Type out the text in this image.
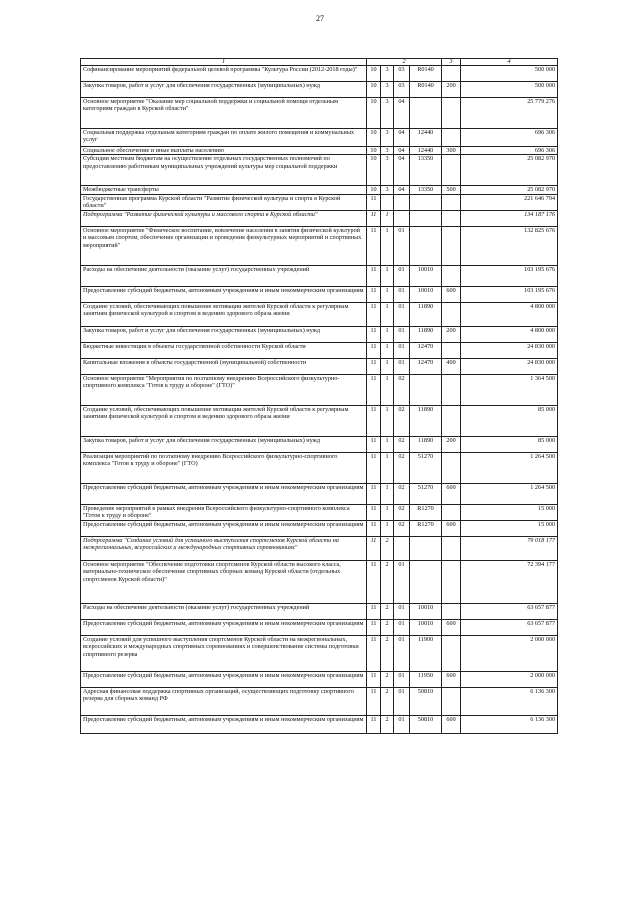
27
1	2				3	4
Софинансирование мероприятий федеральной целевой программы "Культура России (2012-2018 годы)"	10	3	03	R0140		500 000
Закупка товаров, работ и услуг для обеспечения государственных (муниципальных) нужд	10	3	03	R0140	200	500 000
Основное мероприятие "Оказание мер социальной поддержки и социальной помощи отдельным категориям граждан в Курской области"	10	3	04			25 779 276
Социальная поддержка отдельным категориям граждан по оплате жилого помещения и коммунальных услуг	10	3	04	12440		696 306
Социальное обеспечение и иные выплаты населению	10	3	04	12440	300	696 306
Субсидии местным бюджетам на осуществление отдельных государственных полномочий по предоставлению работникам муниципальных учреждений культуры мер социальной поддержки	10	3	04	13350		25 082 970
Межбюджетные трансферты	10	3	04	13350	500	25 082 970
Государственная программа Курской области "Развитие физической культуры и спорта в Курской области"	11					221 646 794
Подпрограмма "Развитие физической культуры и массового спорта в Курской области"	11	1				134 187 176
Основное мероприятие "Физическое воспитание, вовлечение населения в занятия физической культурой и массовым спортом, обеспечение организации и проведения физкультурных мероприятий и спортивных мероприятий"	11	1	01			132 825 676
Расходы на обеспечение деятельности (оказание услуг) государственных учреждений	11	1	01	10010		103 195 676
Предоставление субсидий бюджетным, автономным учреждениям и иным некоммерческим организациям	11	1	01	10010	600	103 195 676
Создание условий, обеспечивающих повышение мотивации жителей Курской области к регулярным занятиям физической культурой и спортом и ведению здорового образа жизни	11	1	01	11890		4 800 000
Закупка товаров, работ и услуг для обеспечения государственных (муниципальных) нужд	11	1	01	11890	200	4 800 000
Бюджетные инвестиции в объекты государственной собственности Курской области	11	1	01	12470		24 830 000
Капитальные вложения в объекты государственной (муниципальной) собственности	11	1	01	12470	400	24 830 000
Основное мероприятие "Мероприятия по поэтапному внедрению Всероссийского физкультурно-спортивного комплекса "Готов к труду и обороне" (ГТО)"	11	1	02			1 364 500
Создание условий, обеспечивающих повышение мотивации жителей Курской области к регулярным занятиям физической культурой и спортом и ведению здорового образа жизни	11	1	02	11890		85 000
Закупка товаров, работ и услуг для обеспечения государственных (муниципальных) нужд	11	1	02	11890	200	85 000
Реализация мероприятий по поэтапному внедрению Всероссийского физкультурно-спортивного комплекса "Готов к труду и обороне" (ГТО)	11	1	02	51270		1 264 500
Предоставление субсидий бюджетным, автономным учреждениям и иным некоммерческим организациям	11	1	02	51270	600	1 264 500
Проведение мероприятий в рамках внедрения Всероссийского физкультурно-спортивного комплекса "Готов к труду и обороне"	11	1	02	R1270		15 000
Предоставление субсидий бюджетным, автономным учреждениям и иным некоммерческим организациям	11	1	02	R1270	600	15 000
Подпрограмма "Создание условий для успешного выступления спортсменов Курской области на межрегиональных, всероссийских и международных спортивных соревнованиях"	11	2				79 018 177
Основное мероприятие "Обеспечение подготовки спортсменов Курской области высокого класса, материально-техническое обеспечение спортивных сборных команд Курской области (отдельных спортсменов Курской области)"	11	2	01			72 394 177
Расходы на обеспечение деятельности (оказание услуг) государственных учреждений	11	2	01	10010		63 657 877
Предоставление субсидий бюджетным, автономным учреждениям и иным некоммерческим организациям	11	2	01	10010	600	63 657 877
Создание условий для успешного выступления спортсменов Курской области на межрегиональных, всероссийских и международных спортивных соревнованиях и совершенствование системы подготовки спортивного резерва	11	2	01	11900		2 000 000
Предоставление субсидий бюджетным, автономным учреждениям и иным некоммерческим организациям	11	2	01	11950	600	2 000 000
Адресная финансовая поддержка спортивных организаций, осуществляющих подготовку спортивного резерва для сборных команд РФ	11	2	01	50810		6 136 300
Предоставление субсидий бюджетным, автономным учреждениям и иным некоммерческим организациям	11	2	01	50810	600	6 136 300
